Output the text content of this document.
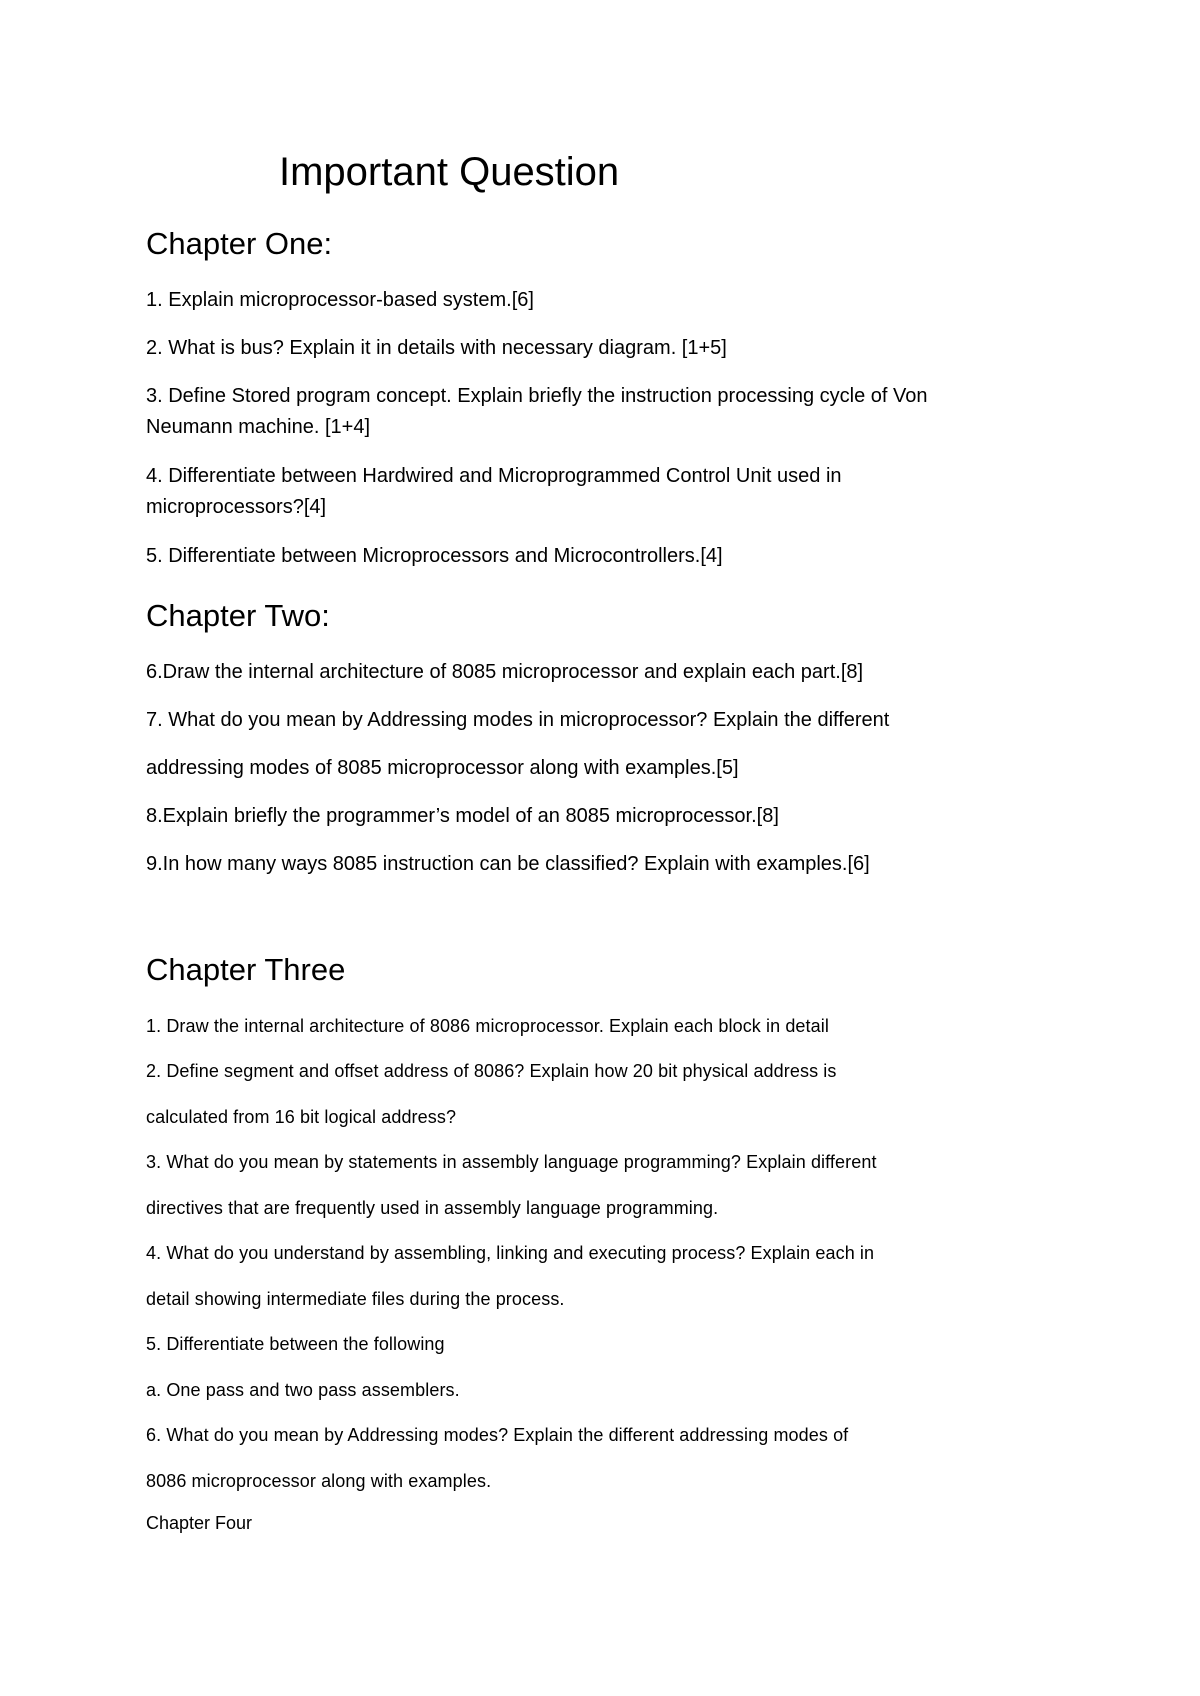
Important Question
Chapter One:

1. Explain microprocessor-based system.[6]

2. What is bus? Explain it in details with necessary diagram. [1+5]

3. Define Stored program concept. Explain briefly the instruction processing cycle of Von
Neumann machine. [1+4]

4. Differentiate between Hardwired and Microprogrammed Control Unit used in
microprocessors?[4]

5. Differentiate between Microprocessors and Microcontrollers.[4]

Chapter Two:

6.Draw the internal architecture of 8085 microprocessor and explain each part.[8]

7. What do you mean by Addressing modes in microprocessor? Explain the different

addressing modes of 8085 microprocessor along with examples.[5]

8.Explain briefly the programmer’s model of an 8085 microprocessor.[8]

9.In how many ways 8085 instruction can be classified? Explain with examples.[6]

Chapter Three

1. Draw the internal architecture of 8086 microprocessor. Explain each block in detail

2. Define segment and offset address of 8086? Explain how 20 bit physical address is

calculated from 16 bit logical address?

3. What do you mean by statements in assembly language programming? Explain different

directives that are frequently used in assembly language programming.

4. What do you understand by assembling, linking and executing process? Explain each in

detail showing intermediate files during the process.

5. Differentiate between the following

a. One pass and two pass assemblers.

6. What do you mean by Addressing modes? Explain the different addressing modes of

8086 microprocessor along with examples.

Chapter Four
